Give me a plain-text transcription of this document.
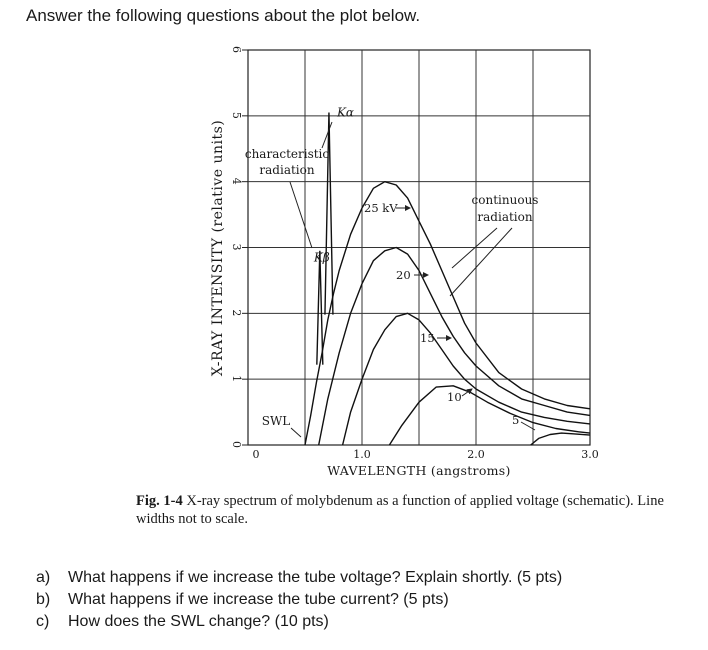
Answer the following questions about the plot below.
0
1
2
3
4
5
6
0	1.0	2.0	3.0
Kα
Kβ
X-RAY INTENSITY (relative units)
WAVELENGTH (angstroms)
characteristic
radiation
continuous
radiation
SWL
25 kV
20
15
10
5
Fig. 1-4 X-ray spectrum of molybdenum as a function of applied voltage (schematic). Line widths not to scale.
a) What happens if we increase the tube voltage? Explain shortly. (5 pts)
b) What happens if we increase the tube current? (5 pts)
c) How does the SWL change? (10 pts)
